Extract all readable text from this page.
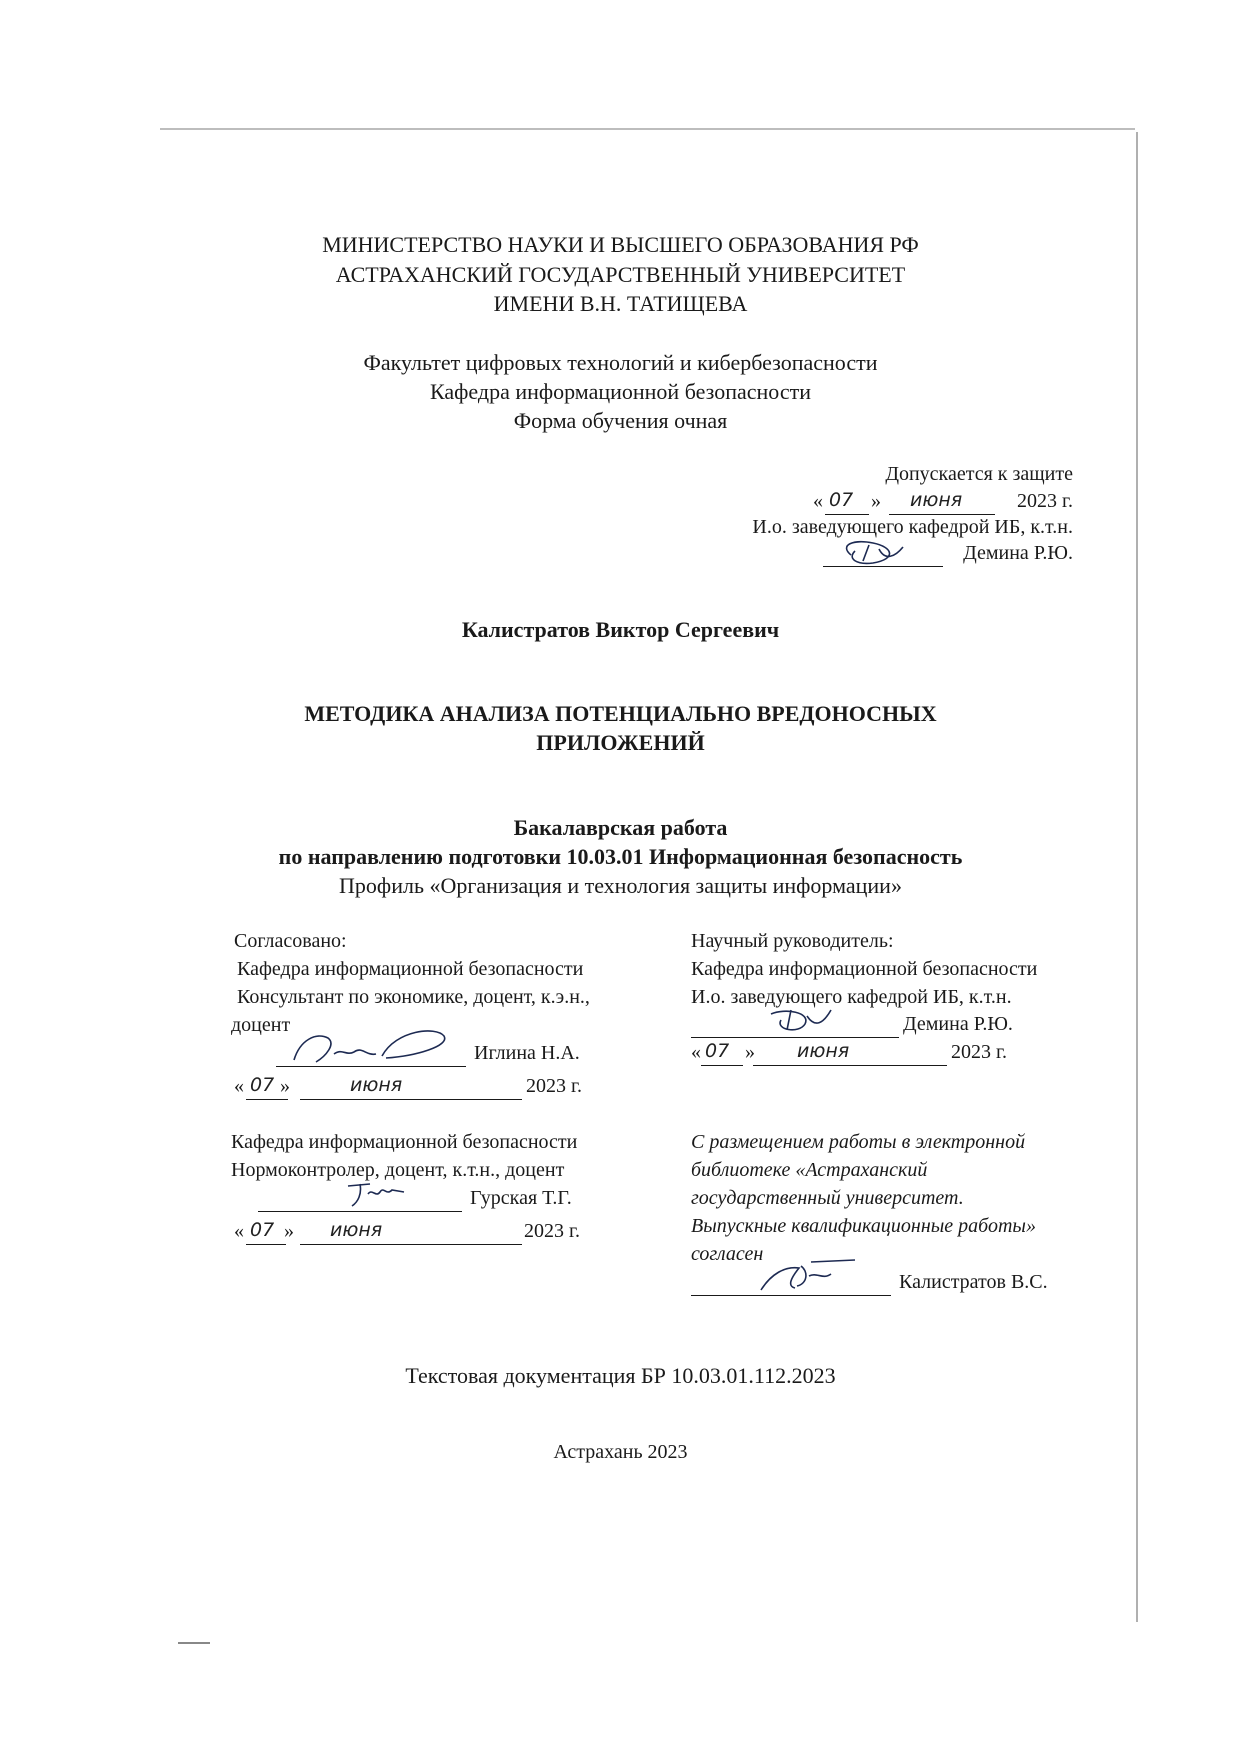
МИНИСТЕРСТВО НАУКИ И ВЫСШЕГО ОБРАЗОВАНИЯ РФ
АСТРАХАНСКИЙ ГОСУДАРСТВЕННЫЙ УНИВЕРСИТЕТ
ИМЕНИ В.Н. ТАТИЩЕВА
Факультет цифровых технологий и кибербезопасности
Кафедра информационной безопасности
Форма обучения очная
Допускается к защите
« 07 » июня	2023 г.
И.о. заведующего кафедрой ИБ, к.т.н.
Демина Р.Ю.
Калистратов Виктор Сергеевич
МЕТОДИКА АНАЛИЗА ПОТЕНЦИАЛЬНО ВРЕДОНОСНЫХ
ПРИЛОЖЕНИЙ
Бакалаврская работа
по направлению подготовки 10.03.01 Информационная безопасность
Профиль «Организация и технология защиты информации»
Согласовано:
Кафедра информационной безопасности
Консультант по экономике, доцент, к.э.н.,
доцент
Иглина Н.А.
« 07 »	июня	2023 г.
Научный руководитель:
Кафедра информационной безопасности
И.о. заведующего кафедрой ИБ, к.т.н.
Демина Р.Ю.
« 07 » июня	2023 г.
Кафедра информационной безопасности
Нормоконтролер, доцент, к.т.н., доцент
Гурская Т.Г.
« 07 » июня	2023 г.
С размещением работы в электронной
библиотеке «Астраханский
государственный университет.
Выпускные квалификационные работы»
согласен
Калистратов В.С.
Текстовая документация БР 10.03.01.112.2023
Астрахань 2023
